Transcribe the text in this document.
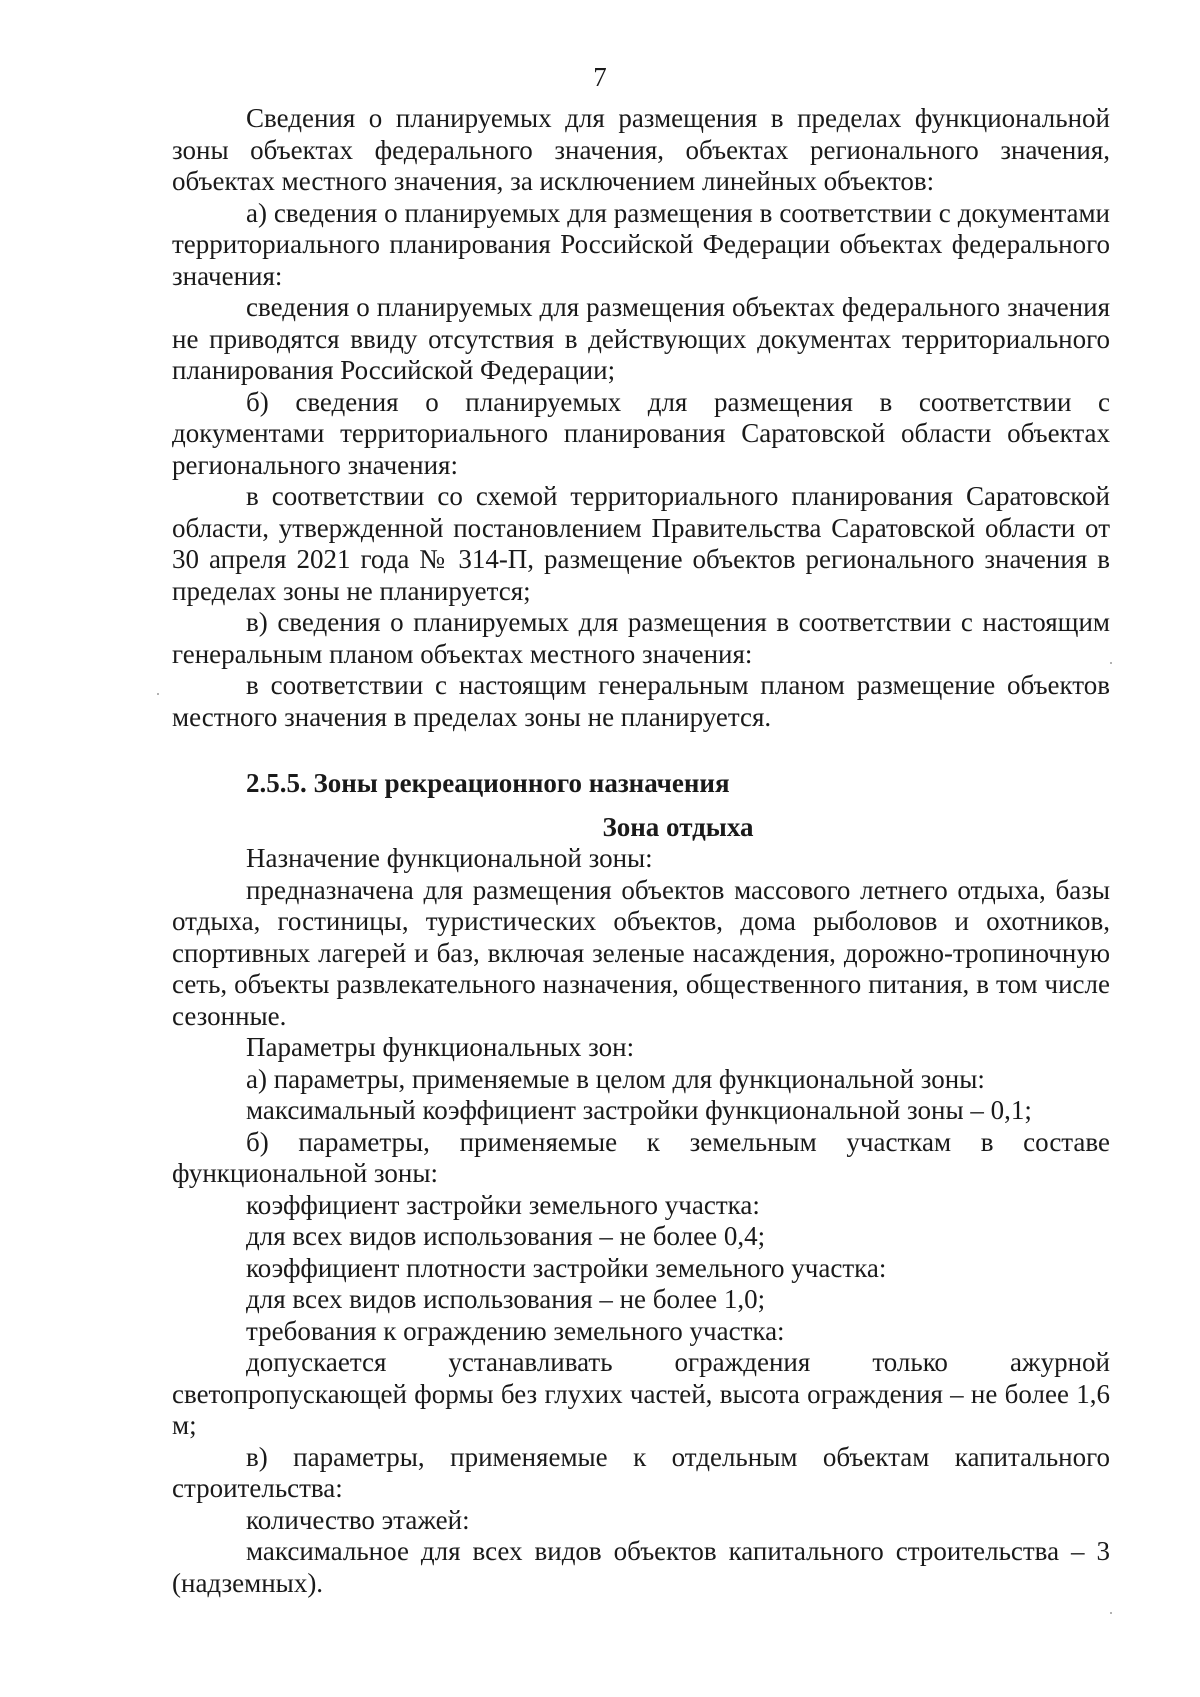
7

Сведения о планируемых для размещения в пределах функциональной зоны объектах федерального значения, объектах регионального значения, объектах местного значения, за исключением линейных объектов:

а) сведения о планируемых для размещения в соответствии с документами территориального планирования Российской Федерации объектах федерального значения:

сведения о планируемых для размещения объектах федерального значения не приводятся ввиду отсутствия в действующих документах территориального планирования Российской Федерации;

б) сведения о планируемых для размещения в соответствии с документами территориального планирования Саратовской области объектах регионального значения:

в соответствии со схемой территориального планирования Саратовской области, утвержденной постановлением Правительства Саратовской области от 30 апреля 2021 года № 314-П, размещение объектов регионального значения в пределах зоны не планируется;

в) сведения о планируемых для размещения в соответствии с настоящим генеральным планом объектах местного значения:

в соответствии с настоящим генеральным планом размещение объектов местного значения в пределах зоны не планируется.

2.5.5. Зоны рекреационного назначения
Зона отдыха

Назначение функциональной зоны:

предназначена для размещения объектов массового летнего отдыха, базы отдыха, гостиницы, туристических объектов, дома рыболовов и охотников, спортивных лагерей и баз, включая зеленые насаждения, дорожно-тропиночную сеть, объекты развлекательного назначения, общественного питания, в том числе сезонные.

Параметры функциональных зон:

а) параметры, применяемые в целом для функциональной зоны:

максимальный коэффициент застройки функциональной зоны – 0,1;

б) параметры, применяемые к земельным участкам в составе функциональной зоны:

коэффициент застройки земельного участка:

для всех видов использования – не более 0,4;

коэффициент плотности застройки земельного участка:

для всех видов использования – не более 1,0;

требования к ограждению земельного участка:

допускается устанавливать ограждения только ажурной светопропускающей формы без глухих частей, высота ограждения – не более 1,6 м;

в) параметры, применяемые к отдельным объектам капитального строительства:

количество этажей:

максимальное для всех видов объектов капитального строительства – 3 (надземных).
